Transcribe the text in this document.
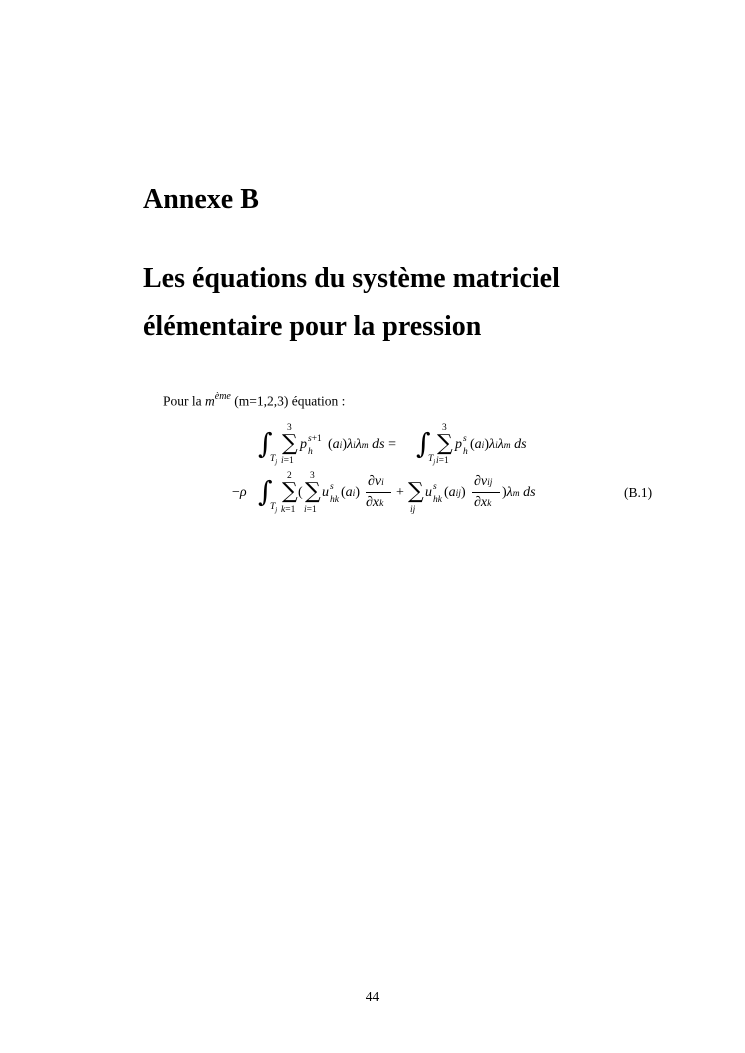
Annexe B
Les équations du système matriciel élémentaire pour la pression
Pour la $m^{ème}$ (m=1,2,3) équation :
∫
$T_j$
3
∑
i=1
p s+1
h (ai)λiλm ds = ∫
$T_j$
3
∑
i=1
p s
h (ai)λiλm ds
−ρ ∫
$T_j$
2
∑
k=1
3
( ∑
i=1
u s
hk (ai)
∂vi
∂xk
+ ∑
ij
u s
hk (aij)
∂vij
∂xk
)λm ds	(B.1)
44
